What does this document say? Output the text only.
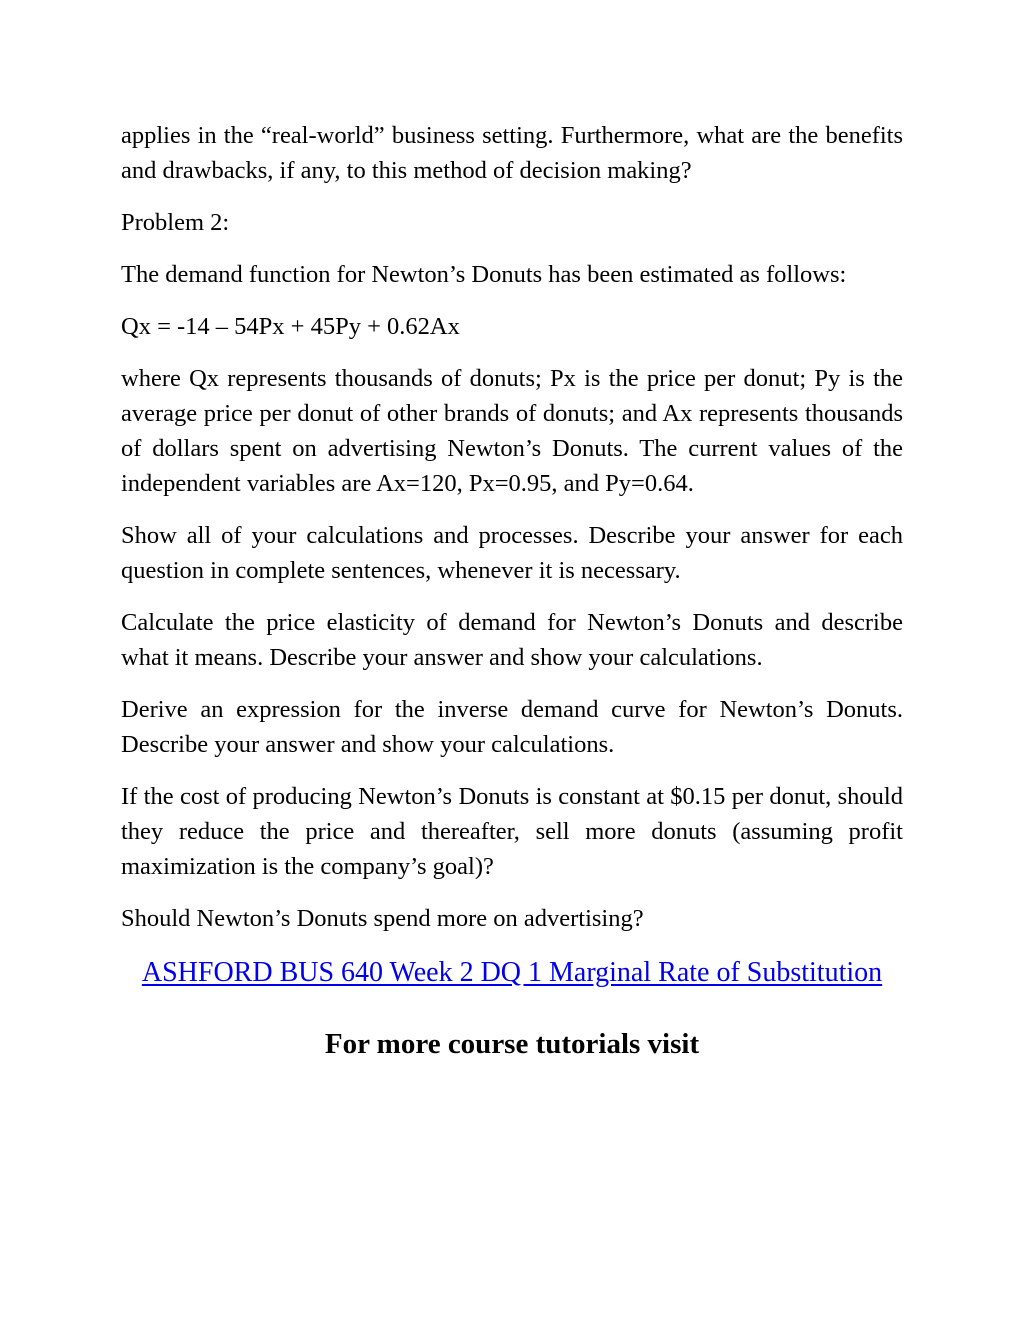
applies in the “real-world” business setting. Furthermore, what are the benefits and drawbacks, if any, to this method of decision making?

Problem 2:

The demand function for Newton’s Donuts has been estimated as follows:

Qx = -14 – 54Px + 45Py + 0.62Ax

where Qx represents thousands of donuts; Px is the price per donut; Py is the average price per donut of other brands of donuts; and Ax represents thousands of dollars spent on advertising Newton’s Donuts. The current values of the independent variables are Ax=120, Px=0.95, and Py=0.64.

Show all of your calculations and processes. Describe your answer for each question in complete sentences, whenever it is necessary.

Calculate the price elasticity of demand for Newton’s Donuts and describe what it means. Describe your answer and show your calculations.

Derive an expression for the inverse demand curve for Newton’s Donuts. Describe your answer and show your calculations.

If the cost of producing Newton’s Donuts is constant at $0.15 per donut, should they reduce the price and thereafter, sell more donuts (assuming profit maximization is the company’s goal)?

Should Newton’s Donuts spend more on advertising?

ASHFORD BUS 640 Week 2 DQ 1 Marginal Rate of Substitution
For more course tutorials visit
